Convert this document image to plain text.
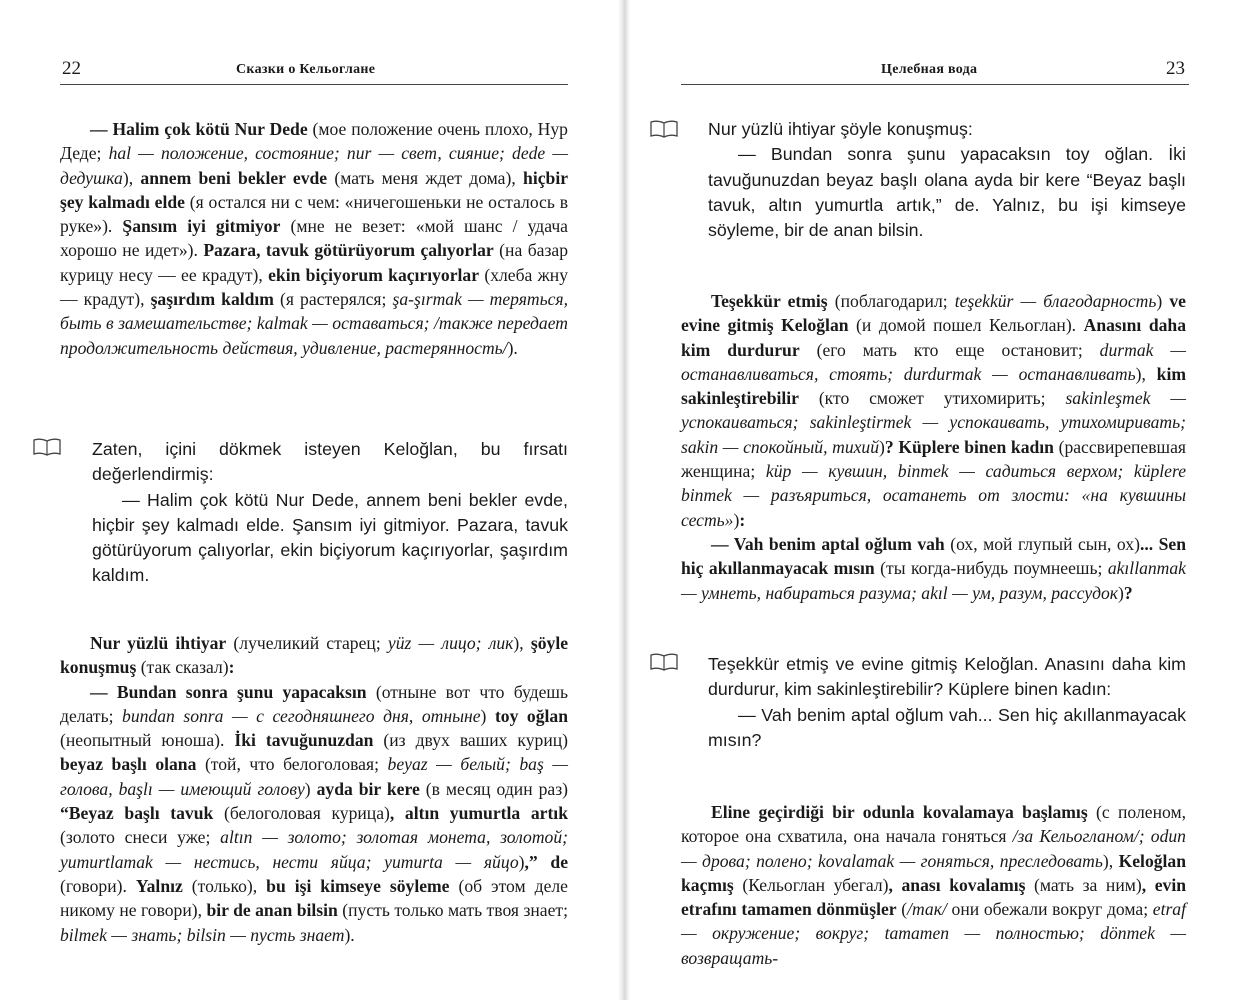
22	Сказки о Кельоглане

— Halim çok kötü Nur Dede (мое положение очень плохо, Нур Деде; hal — положение, состояние; nur — свет, сияние; dede — дедушка), annem beni bekler evde (мать меня ждет дома), hiçbir şey kalmadı elde (я остался ни с чем: «ничегошеньки не осталось в руке»). Şansım iyi gitmiyor (мне не везет: «мой шанс / удача хорошо не идет»). Pazara, tavuk götürüyorum çalıyorlar (на базар курицу несу — ее крадут), ekin biçiyorum kaçırıyorlar (хлеба жну — крадут), şaşırdım kaldım (я растерялся; şa-şırmak — теряться, быть в замешательстве; kalmak — оставаться; /также передает продолжительность действия, удивление, растерянность/).

Zaten, içini dökmek isteyen Keloğlan, bu fırsatı değerlendirmiş:
— Halim çok kötü Nur Dede, annem beni bekler evde, hiçbir şey kalmadı elde. Şansım iyi gitmiyor. Pazara, tavuk götürüyorum çalıyorlar, ekin biçiyorum kaçırıyorlar, şaşırdım kaldım.

Nur yüzlü ihtiyar (лучеликий старец; yüz — лицо; лик), şöyle konuşmuş (так сказал):
— Bundan sonra şunu yapacaksın (отныне вот что будешь делать; bundan sonra — с сегодняшнего дня, отныне) toy oğlan (неопытный юноша). İki tavuğunuzdan (из двух ваших куриц) beyaz başlı olana (той, что белоголовая; beyaz — белый; baş — голова, başlı — имеющий голову) ayda bir kere (в месяц один раз) “Beyaz başlı tavuk (белоголовая курица), altın yumurtla artık (золото снеси уже; altın — золото; золотая монета, золотой; yumurtlamak — нестись, нести яйца; yumurta — яйцо),” de (говори). Yalnız (только), bu işi kimseye söyleme (об этом деле никому не говори), bir de anan bilsin (пусть только мать твоя знает; bilmek — знать; bilsin — пусть знает).

Целебная вода	23

Nur yüzlü ihtiyar şöyle konuşmuş:
— Bundan sonra şunu yapacaksın toy oğlan. İki tavuğunuzdan beyaz başlı olana ayda bir kere “Beyaz başlı tavuk, altın yumurtla artık,” de. Yalnız, bu işi kimseye söyleme, bir de anan bilsin.

Teşekkür etmiş (поблагодарил; teşekkür — благодарность) ve evine gitmiş Keloğlan (и домой пошел Кельоглан). Anasını daha kim durdurur (его мать кто еще остановит; durmak — останавливаться, стоять; durdurmak — останавливать), kim sakinleştirebilir (кто сможет утихомирить; sakinleşmek — успокаиваться; sakinleştirmek — успокаивать, утихомиривать; sakin — спокойный, тихий)? Küplere binen kadın (рассвирепевшая женщина; küp — кувшин, binmek — садиться верхом; küplere binmek — разъяриться, осатанеть от злости: «на кувшины сесть»):
— Vah benim aptal oğlum vah (ох, мой глупый сын, ох)... Sen hiç akıllanmayacak mısın (ты когда-нибудь поумнеешь; akıllanmak — умнеть, набираться разума; akıl — ум, разум, рассудок)?

Teşekkür etmiş ve evine gitmiş Keloğlan. Anasını daha kim durdurur, kim sakinleştirebilir? Küplere binen kadın:
— Vah benim aptal oğlum vah... Sen hiç akıllanmayacak mısın?

Eline geçirdiği bir odunla kovalamaya başlamış (с поленом, которое она схватила, она начала гоняться /за Кельогланом/; odun — дрова; полено; kovalamak — гоняться, преследовать), Keloğlan kaçmış (Кельоглан убегал), anası kovalamış (мать за ним), evin etrafını tamamen dönmüşler (/так/ они обежали вокруг дома; etraf — окружение; вокруг; tamamen — полностью; dönmek — возвращать-
